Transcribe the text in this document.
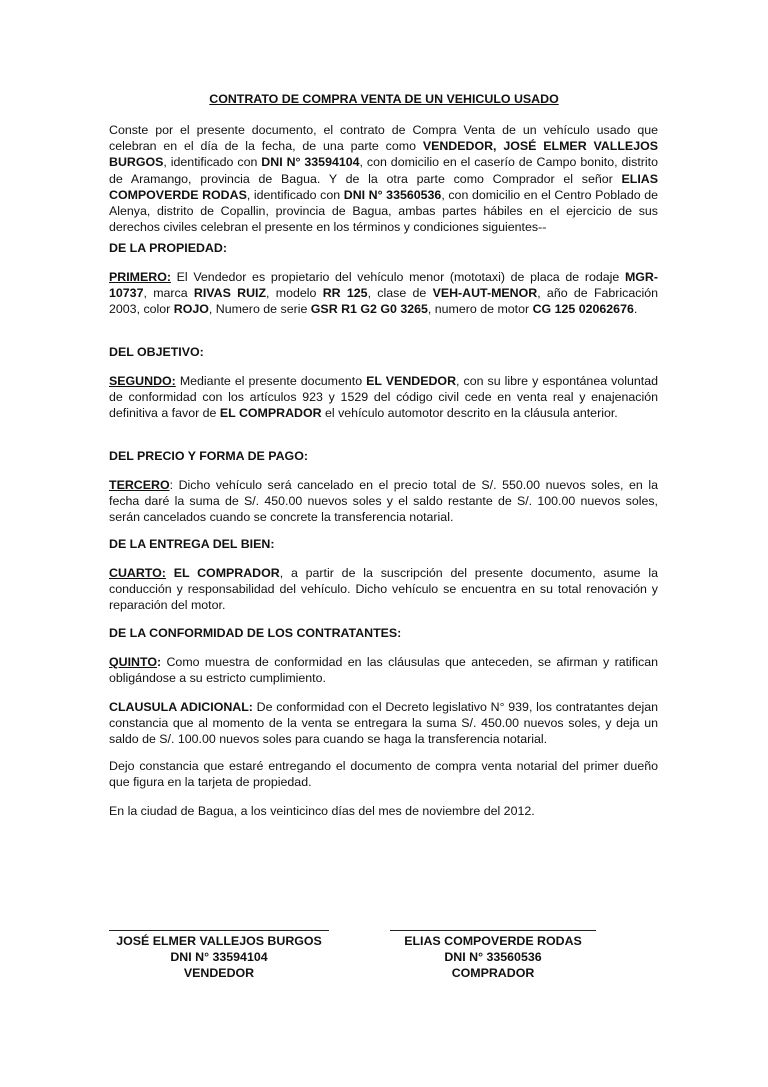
CONTRATO DE COMPRA VENTA DE UN VEHICULO USADO
Conste por el presente documento, el contrato de Compra Venta de un vehículo usado que celebran en el día de la fecha, de una parte como VENDEDOR, JOSÉ ELMER VALLEJOS BURGOS, identificado con DNI N° 33594104, con domicilio en el caserío de Campo bonito, distrito de Aramango, provincia de Bagua. Y de la otra parte como Comprador el señor ELIAS COMPOVERDE RODAS, identificado con DNI N° 33560536, con domicilio en el Centro Poblado de Alenya, distrito de Copallin, provincia de Bagua, ambas partes hábiles en el ejercicio de sus derechos civiles celebran el presente en los términos y condiciones siguientes--
DE LA PROPIEDAD:
PRIMERO: El Vendedor es propietario del vehículo menor (mototaxi) de placa de rodaje MGR-10737, marca RIVAS RUIZ, modelo RR 125, clase de VEH-AUT-MENOR, año de Fabricación 2003, color ROJO, Numero de serie GSR R1 G2 G0 3265, numero de motor CG 125 02062676.
DEL OBJETIVO:
SEGUNDO: Mediante el presente documento EL VENDEDOR, con su libre y espontánea voluntad de conformidad con los artículos 923 y 1529 del código civil cede en venta real y enajenación definitiva a favor de EL COMPRADOR el vehículo automotor descrito en la cláusula anterior.
DEL PRECIO Y FORMA DE PAGO:
TERCERO: Dicho vehículo será cancelado en el precio total de S/. 550.00 nuevos soles, en la fecha daré la suma de S/. 450.00 nuevos soles y el saldo restante de S/. 100.00 nuevos soles, serán cancelados cuando se concrete la transferencia notarial.
DE LA ENTREGA DEL BIEN:
CUARTO: EL COMPRADOR, a partir de la suscripción del presente documento, asume la conducción y responsabilidad del vehículo. Dicho vehículo se encuentra en su total renovación y reparación del motor.
DE LA CONFORMIDAD DE LOS CONTRATANTES:
QUINTO: Como muestra de conformidad en las cláusulas que anteceden, se afirman y ratifican obligándose a su estricto cumplimiento.
CLAUSULA ADICIONAL: De conformidad con el Decreto legislativo N° 939, los contratantes dejan constancia que al momento de la venta se entregara la suma S/. 450.00 nuevos soles, y deja un saldo de S/. 100.00 nuevos soles para cuando se haga la transferencia notarial.
Dejo constancia que estaré entregando el documento de compra venta notarial del primer dueño que figura en la tarjeta de propiedad.
En la ciudad de Bagua, a los veinticinco días del mes de noviembre del 2012.
JOSÉ ELMER VALLEJOS BURGOS
DNI N° 33594104
VENDEDOR
ELIAS COMPOVERDE RODAS
DNI N° 33560536
COMPRADOR
